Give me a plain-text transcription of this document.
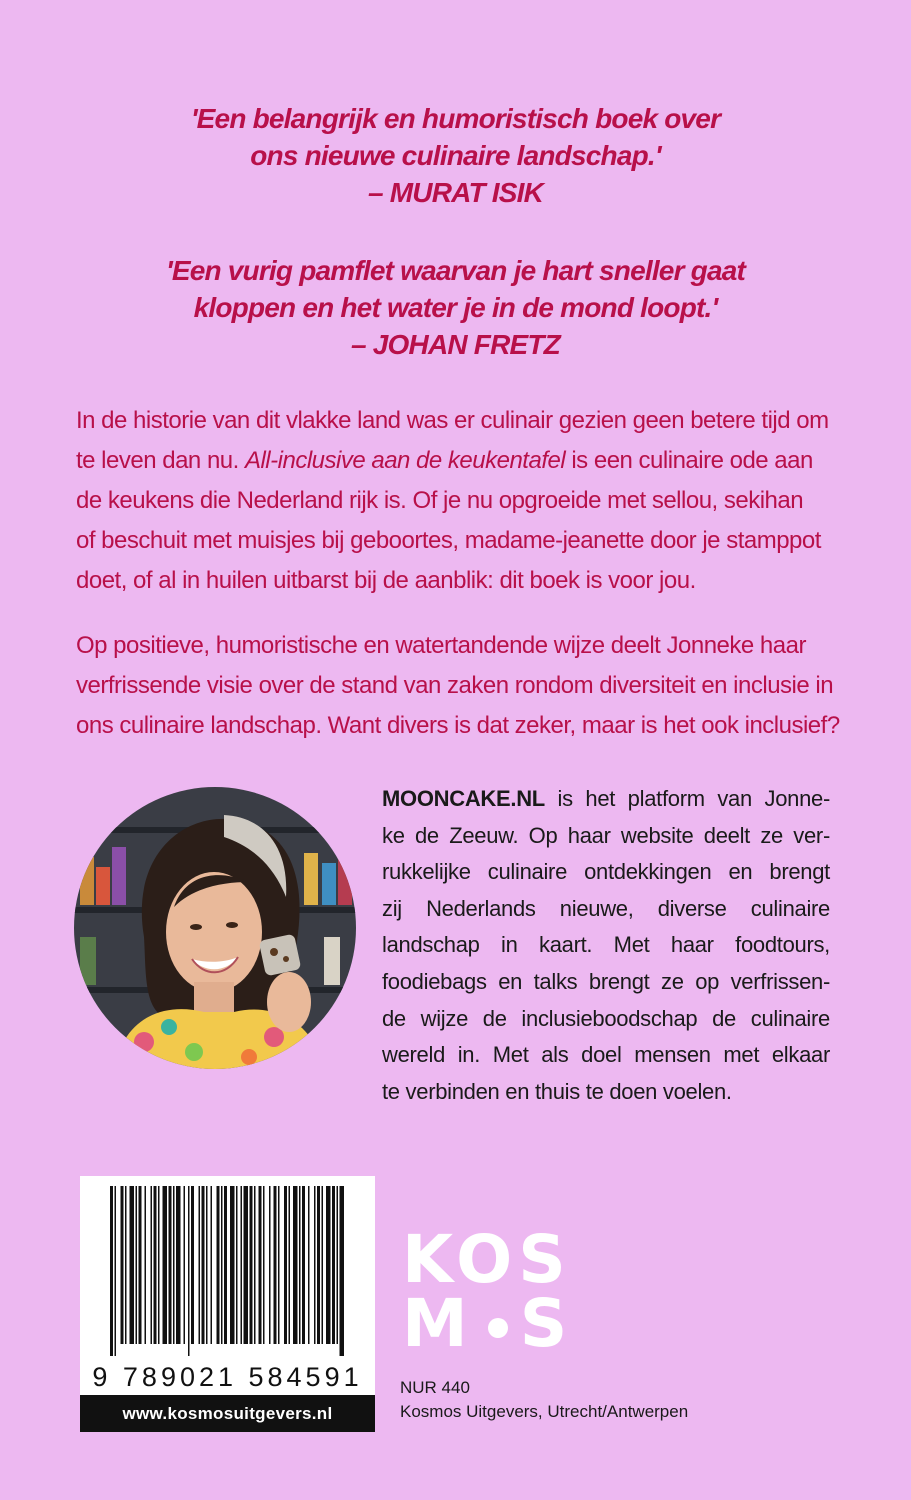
'Een belangrijk en humoristisch boek over
ons nieuwe culinaire landschap.'
– MURAT ISIK
'Een vurig pamflet waarvan je hart sneller gaat
kloppen en het water je in de mond loopt.'
– JOHAN FRETZ

In de historie van dit vlakke land was er culinair gezien geen betere tijd om
te leven dan nu. All-inclusive aan de keukentafel is een culinaire ode aan
de keukens die Nederland rijk is. Of je nu opgroeide met sellou, sekihan
of beschuit met muisjes bij geboortes, madame-jeanette door je stamppot
doet, of al in huilen uitbarst bij de aanblik: dit boek is voor jou.

Op positieve, humoristische en watertandende wijze deelt Jonneke haar
verfrissende visie over de stand van zaken rondom diversiteit en inclusie in
ons culinaire landschap. Want divers is dat zeker, maar is het ook inclusief?

MOONCAKE.NL is het platform van Jonne-
ke de Zeeuw. Op haar website deelt ze ver-
rukkelijke culinaire ontdekkingen en brengt
zij Nederlands nieuwe, diverse culinaire
landschap in kaart. Met haar foodtours,
foodiebags en talks brengt ze op verfrissen-
de wijze de inclusieboodschap de culinaire
wereld in. Met als doel mensen met elkaar
te verbinden en thuis te doen voelen.

9 789021 584591
www.kosmosuitgevers.nl
KOS
M S
NUR 440
Kosmos Uitgevers, Utrecht/Antwerpen
